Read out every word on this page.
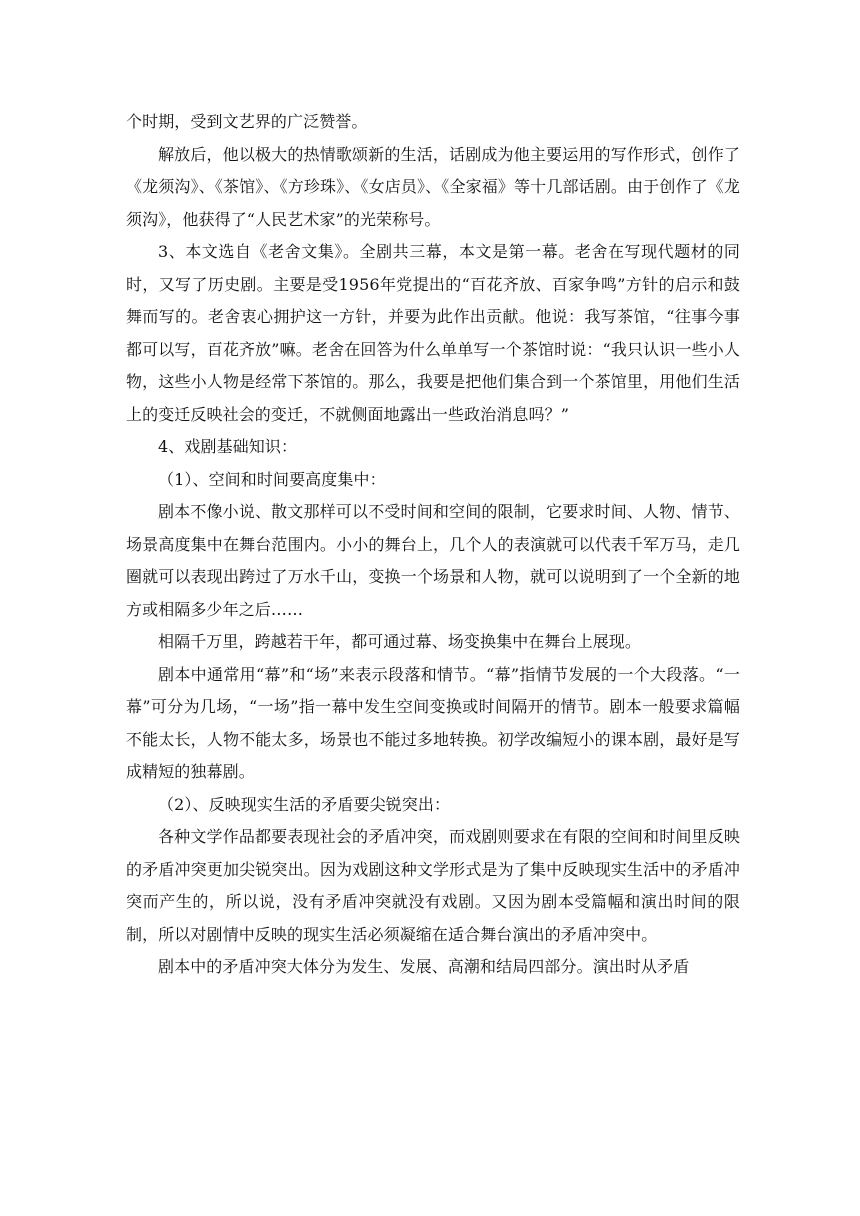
个时期，受到文艺界的广泛赞誉。

解放后，他以极大的热情歌颂新的生活，话剧成为他主要运用的写作形式，创作了《龙须沟》、《茶馆》、《方珍珠》、《女店员》、《全家福》等十几部话剧。由于创作了《龙须沟》，他获得了“人民艺术家”的光荣称号。

3、本文选自《老舍文集》。全剧共三幕，本文是第一幕。老舍在写现代题材的同时，又写了历史剧。主要是受1956年党提出的“百花齐放、百家争鸣”方针的启示和鼓舞而写的。老舍衷心拥护这一方针，并要为此作出贡献。他说：我写茶馆，“往事今事都可以写，百花齐放”嘛。老舍在回答为什么单单写一个茶馆时说：“我只认识一些小人物，这些小人物是经常下茶馆的。那么，我要是把他们集合到一个茶馆里，用他们生活上的变迁反映社会的变迁，不就侧面地露出一些政治消息吗？”

4、戏剧基础知识：

（1）、空间和时间要高度集中：

剧本不像小说、散文那样可以不受时间和空间的限制，它要求时间、人物、情节、场景高度集中在舞台范围内。小小的舞台上，几个人的表演就可以代表千军万马，走几圈就可以表现出跨过了万水千山，变换一个场景和人物，就可以说明到了一个全新的地方或相隔多少年之后……

相隔千万里，跨越若干年，都可通过幕、场变换集中在舞台上展现。

剧本中通常用“幕”和“场”来表示段落和情节。“幕”指情节发展的一个大段落。“一幕”可分为几场，“一场”指一幕中发生空间变换或时间隔开的情节。剧本一般要求篇幅不能太长，人物不能太多，场景也不能过多地转换。初学改编短小的课本剧，最好是写成精短的独幕剧。

（2）、反映现实生活的矛盾要尖锐突出：

各种文学作品都要表现社会的矛盾冲突，而戏剧则要求在有限的空间和时间里反映的矛盾冲突更加尖锐突出。因为戏剧这种文学形式是为了集中反映现实生活中的矛盾冲突而产生的，所以说，没有矛盾冲突就没有戏剧。又因为剧本受篇幅和演出时间的限制，所以对剧情中反映的现实生活必须凝缩在适合舞台演出的矛盾冲突中。

剧本中的矛盾冲突大体分为发生、发展、高潮和结局四部分。演出时从矛盾
